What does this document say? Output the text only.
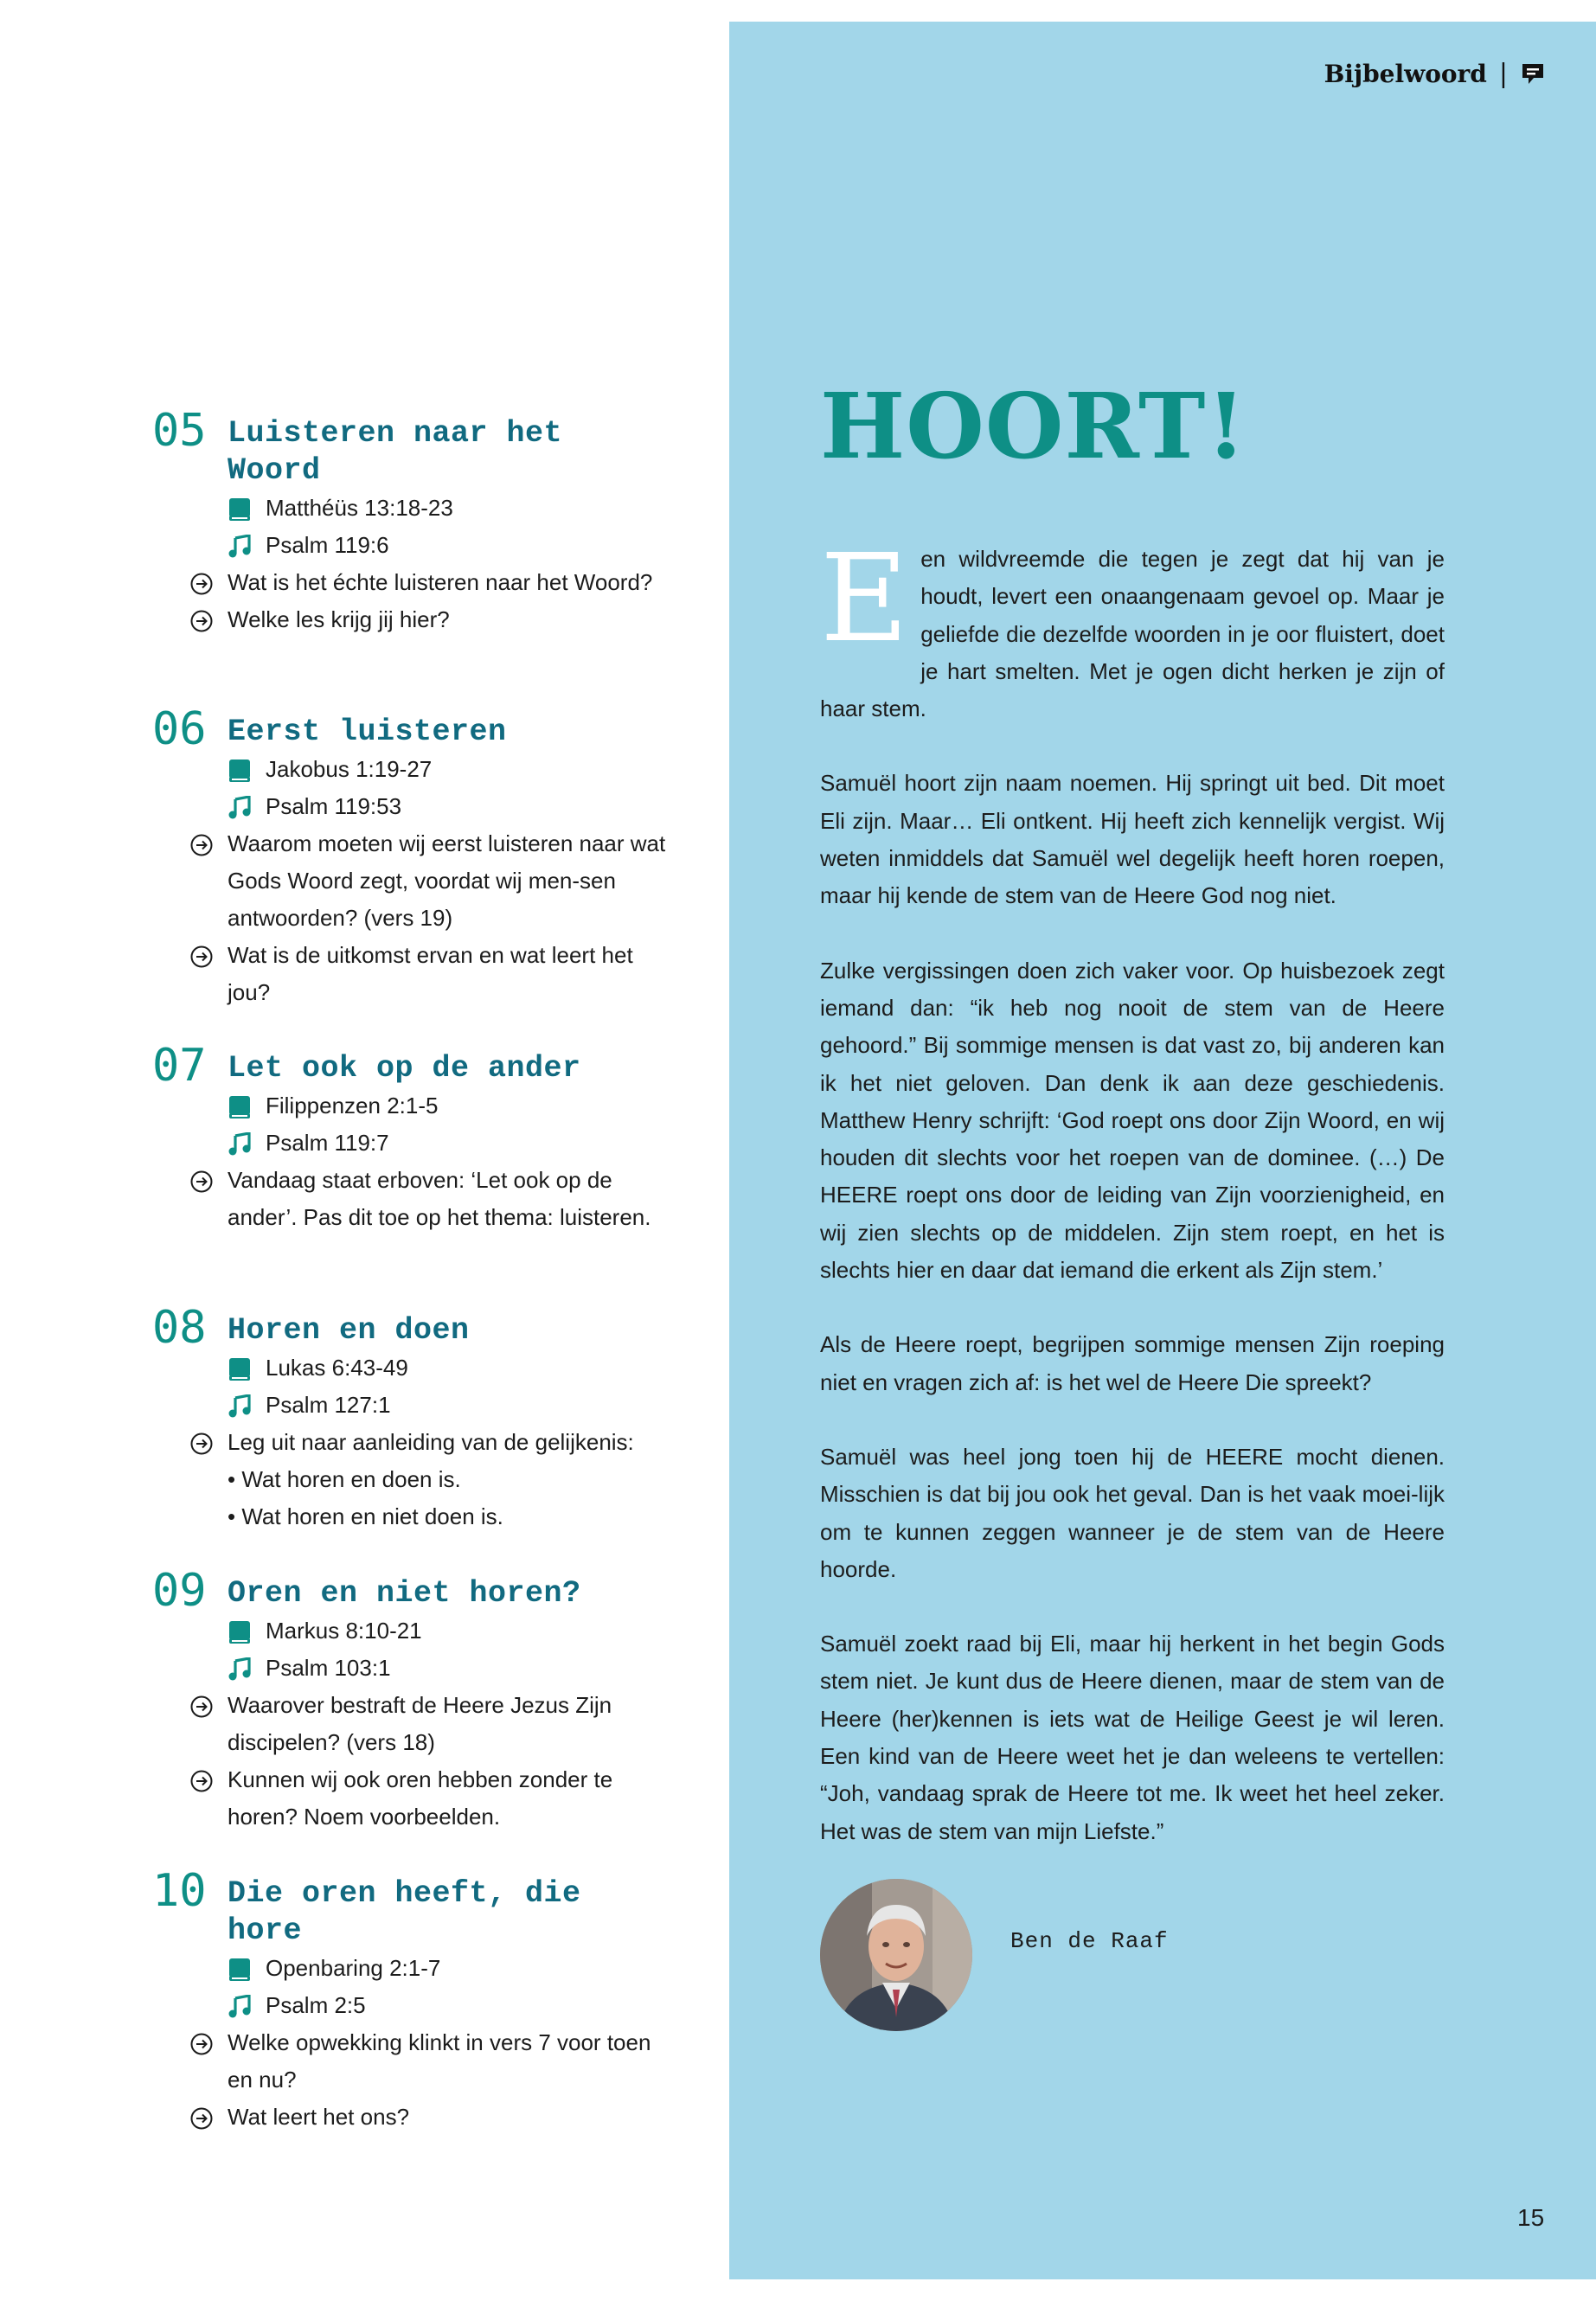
Bijbelwoord |
05 Luisteren naar het Woord
Matthéüs 13:18-23
Psalm 119:6
Wat is het échte luisteren naar het Woord?
Welke les krijg jij hier?
06 Eerst luisteren
Jakobus 1:19-27
Psalm 119:53
Waarom moeten wij eerst luisteren naar wat Gods Woord zegt, voordat wij men-sen antwoorden? (vers 19)
Wat is de uitkomst ervan en wat leert het jou?
07 Let ook op de ander
Filippenzen 2:1-5
Psalm 119:7
Vandaag staat erboven: ‘Let ook op de ander’. Pas dit toe op het thema: luisteren.
08 Horen en doen
Lukas 6:43-49
Psalm 127:1
Leg uit naar aanleiding van de gelijkenis:
• Wat horen en doen is.
• Wat horen en niet doen is.
09 Oren en niet horen?
Markus 8:10-21
Psalm 103:1
Waarover bestraft de Heere Jezus Zijn discipelen? (vers 18)
Kunnen wij ook oren hebben zonder te horen? Noem voorbeelden.
10 Die oren heeft, die hore
Openbaring 2:1-7
Psalm 2:5
Welke opwekking klinkt in vers 7 voor toen en nu?
Wat leert het ons?
HOORT!

E en wildvreemde die tegen je zegt dat hij van je houdt, levert een onaangenaam gevoel op. Maar je geliefde die dezelfde woorden in je oor fluistert, doet je hart smelten. Met je ogen dicht herken je zijn of haar stem.

Samuël hoort zijn naam noemen. Hij springt uit bed. Dit moet Eli zijn. Maar… Eli ontkent. Hij heeft zich kennelijk vergist. Wij weten inmiddels dat Samuël wel degelijk heeft horen roepen, maar hij kende de stem van de Heere God nog niet.

Zulke vergissingen doen zich vaker voor. Op huisbezoek zegt iemand dan: “ik heb nog nooit de stem van de Heere gehoord.” Bij sommige mensen is dat vast zo, bij anderen kan ik het niet geloven. Dan denk ik aan deze geschiedenis. Matthew Henry schrijft: ‘God roept ons door Zijn Woord, en wij houden dit slechts voor het roepen van de dominee. (…) De HEERE roept ons door de leiding van Zijn voorzienigheid, en wij zien slechts op de middelen. Zijn stem roept, en het is slechts hier en daar dat iemand die erkent als Zijn stem.’

Als de Heere roept, begrijpen sommige mensen Zijn roeping niet en vragen zich af: is het wel de Heere Die spreekt?

Samuël was heel jong toen hij de HEERE mocht dienen. Misschien is dat bij jou ook het geval. Dan is het vaak moei-lijk om te kunnen zeggen wanneer je de stem van de Heere hoorde.

Samuël zoekt raad bij Eli, maar hij herkent in het begin Gods stem niet. Je kunt dus de Heere dienen, maar de stem van de Heere (her)kennen is iets wat de Heilige Geest je wil leren. Een kind van de Heere weet het je dan weleens te vertellen: “Joh, vandaag sprak de Heere tot me. Ik weet het heel zeker. Het was de stem van mijn Liefste.”

Ben de Raaf
15
